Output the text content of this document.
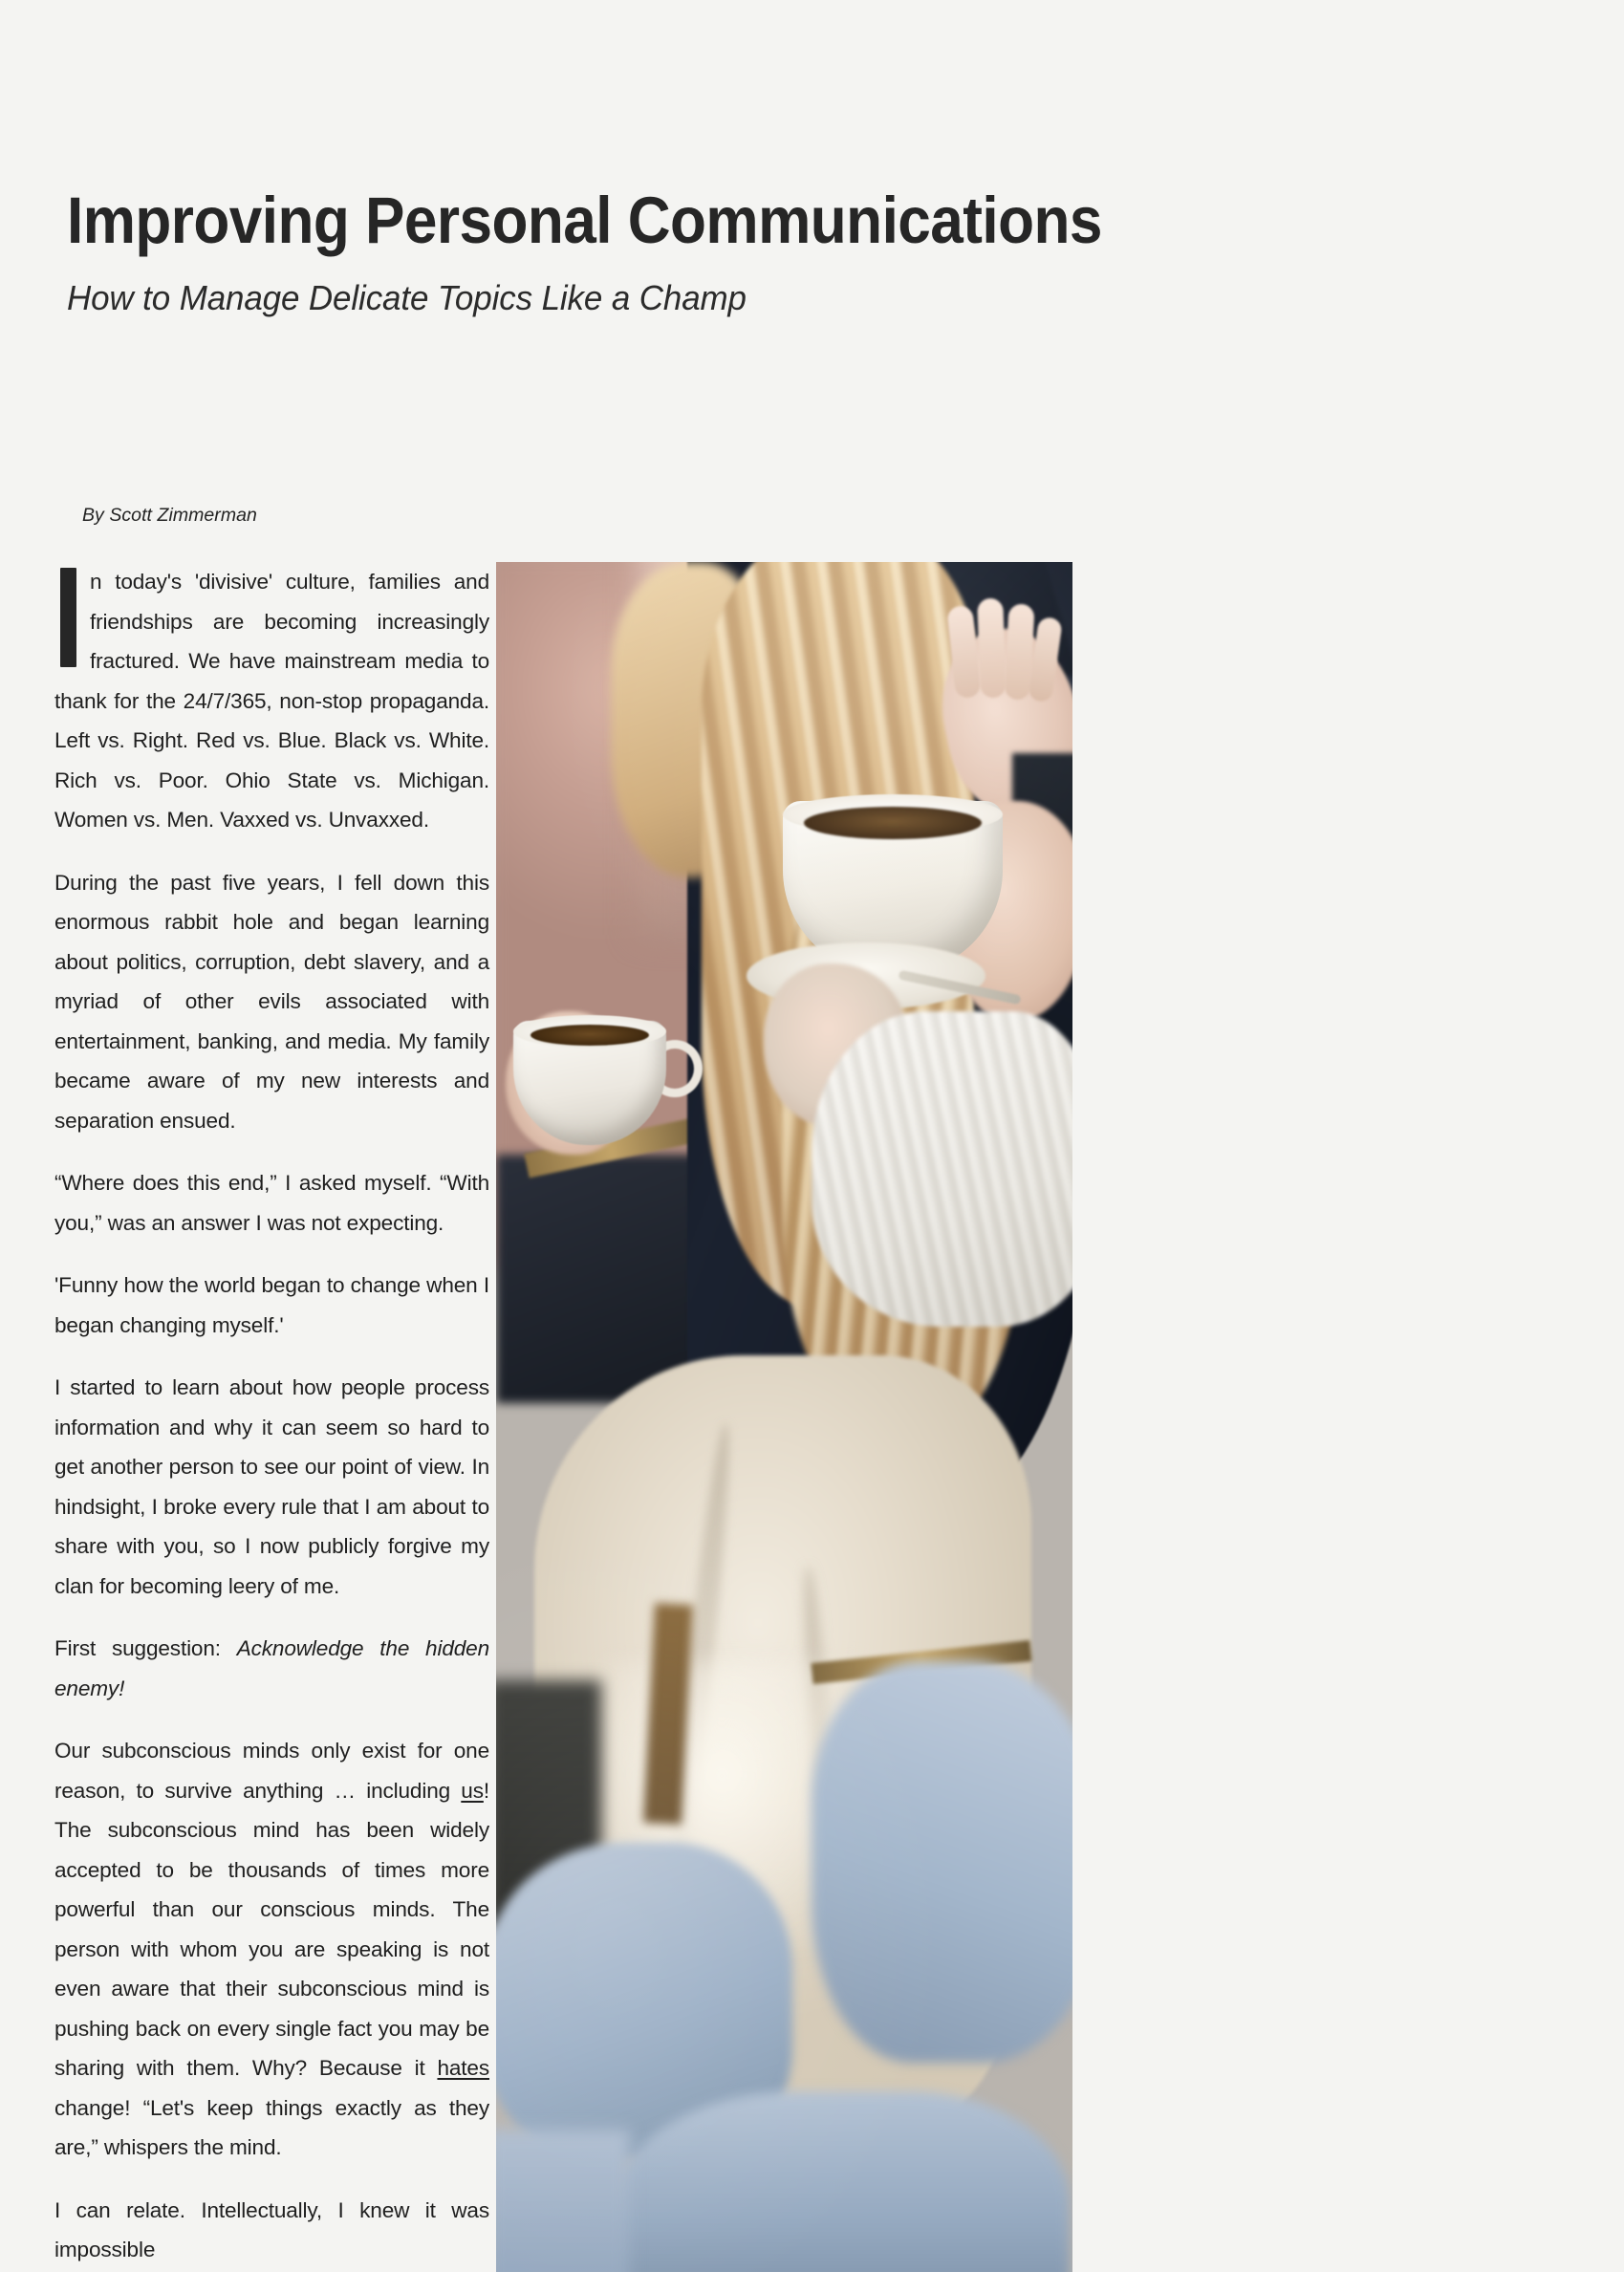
Improving Personal Communications
How to Manage Delicate Topics Like a Champ
By Scott Zimmerman

n today's 'divisive' culture, families and friendships are becoming increasingly fractured. We have mainstream media to thank for the 24/7/365, non-stop propaganda. Left vs. Right. Red vs. Blue. Black vs. White. Rich vs. Poor. Ohio State vs. Michigan. Women vs. Men. Vaxxed vs. Unvaxxed.

During the past five years, I fell down this enormous rabbit hole and began learning about politics, corruption, debt slavery, and a myriad of other evils associated with entertainment, banking, and media. My family became aware of my new interests and separation ensued.

“Where does this end,” I asked myself. “With you,” was an answer I was not expecting.

'Funny how the world began to change when I began changing myself.'

I started to learn about how people process information and why it can seem so hard to get another person to see our point of view. In hindsight, I broke every rule that I am about to share with you, so I now publicly forgive my clan for becoming leery of me.

First suggestion: Acknowledge the hidden enemy!

Our subconscious minds only exist for one reason, to survive anything … including us! The subconscious mind has been widely accepted to be thousands of times more powerful than our conscious minds. The person with whom you are speaking is not even aware that their subconscious mind is pushing back on every single fact you may be sharing with them. Why? Because it hates change! “Let's keep things exactly as they are,” whispers the mind.

I can relate. Intellectually, I knew it was impossible
